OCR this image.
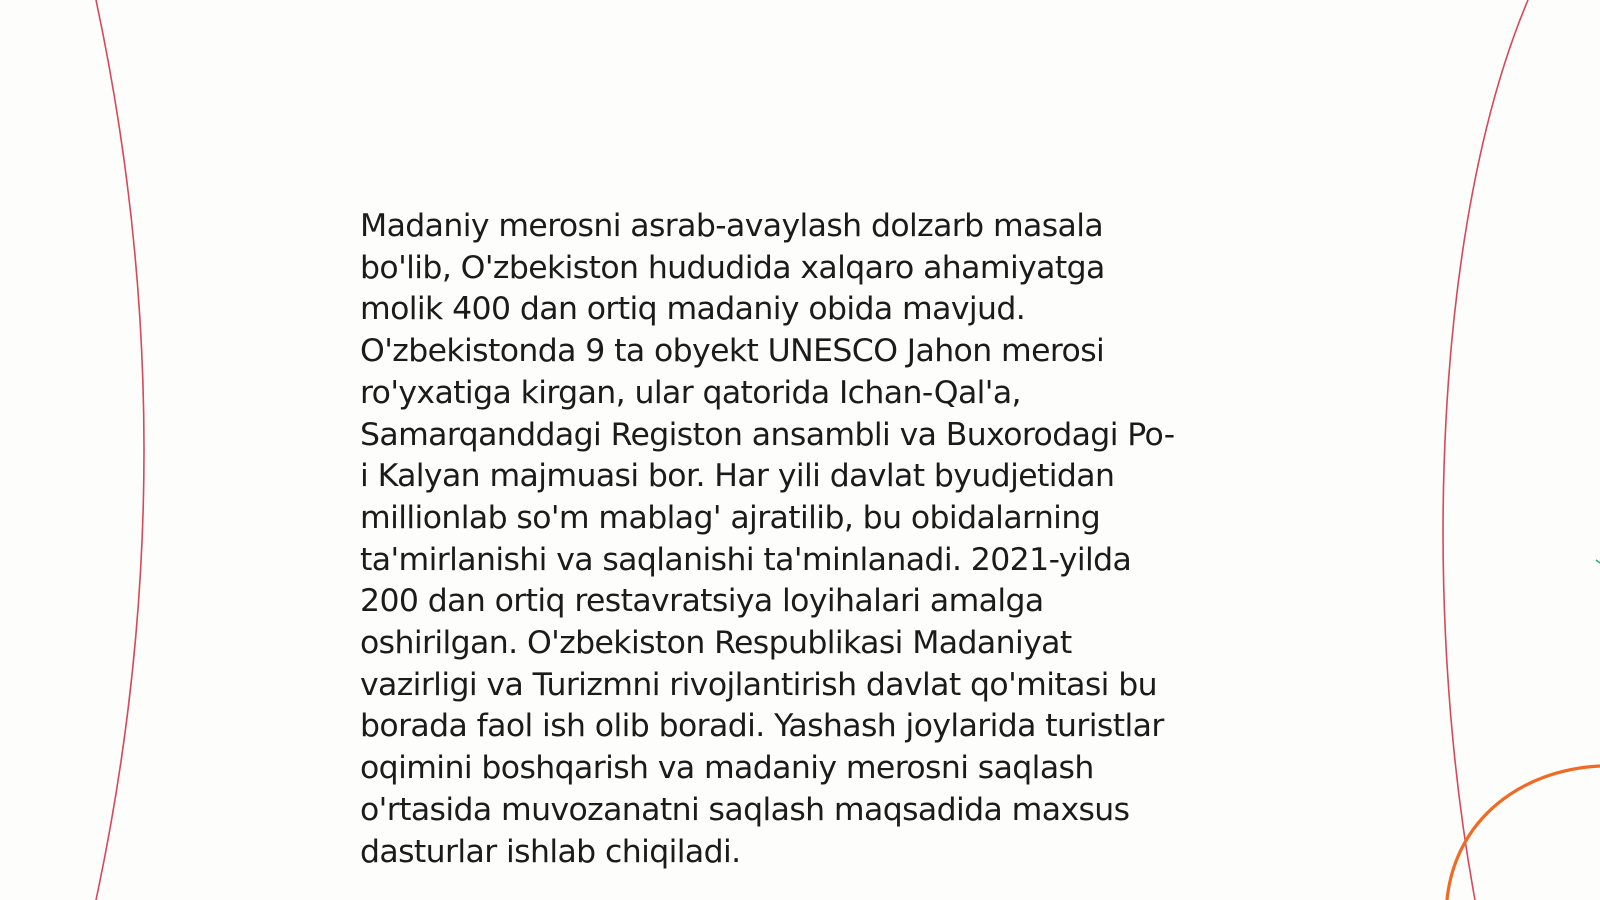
Madaniy merosni asrab-avaylash dolzarb masala
bo'lib, O'zbekiston hududida xalqaro ahamiyatga
molik 400 dan ortiq madaniy obida mavjud.
O'zbekistonda 9 ta obyekt UNESCO Jahon merosi
ro'yxatiga kirgan, ular qatorida Ichan-Qal'a,
Samarqanddagi Registon ansambli va Buxorodagi Po-
i Kalyan majmuasi bor. Har yili davlat byudjetidan
millionlab so'm mablag' ajratilib, bu obidalarning
ta'mirlanishi va saqlanishi ta'minlanadi. 2021-yilda
200 dan ortiq restavratsiya loyihalari amalga
oshirilgan. O'zbekiston Respublikasi Madaniyat
vazirligi va Turizmni rivojlantirish davlat qo'mitasi bu
borada faol ish olib boradi. Yashash joylarida turistlar
oqimini boshqarish va madaniy merosni saqlash
o'rtasida muvozanatni saqlash maqsadida maxsus
dasturlar ishlab chiqiladi.
